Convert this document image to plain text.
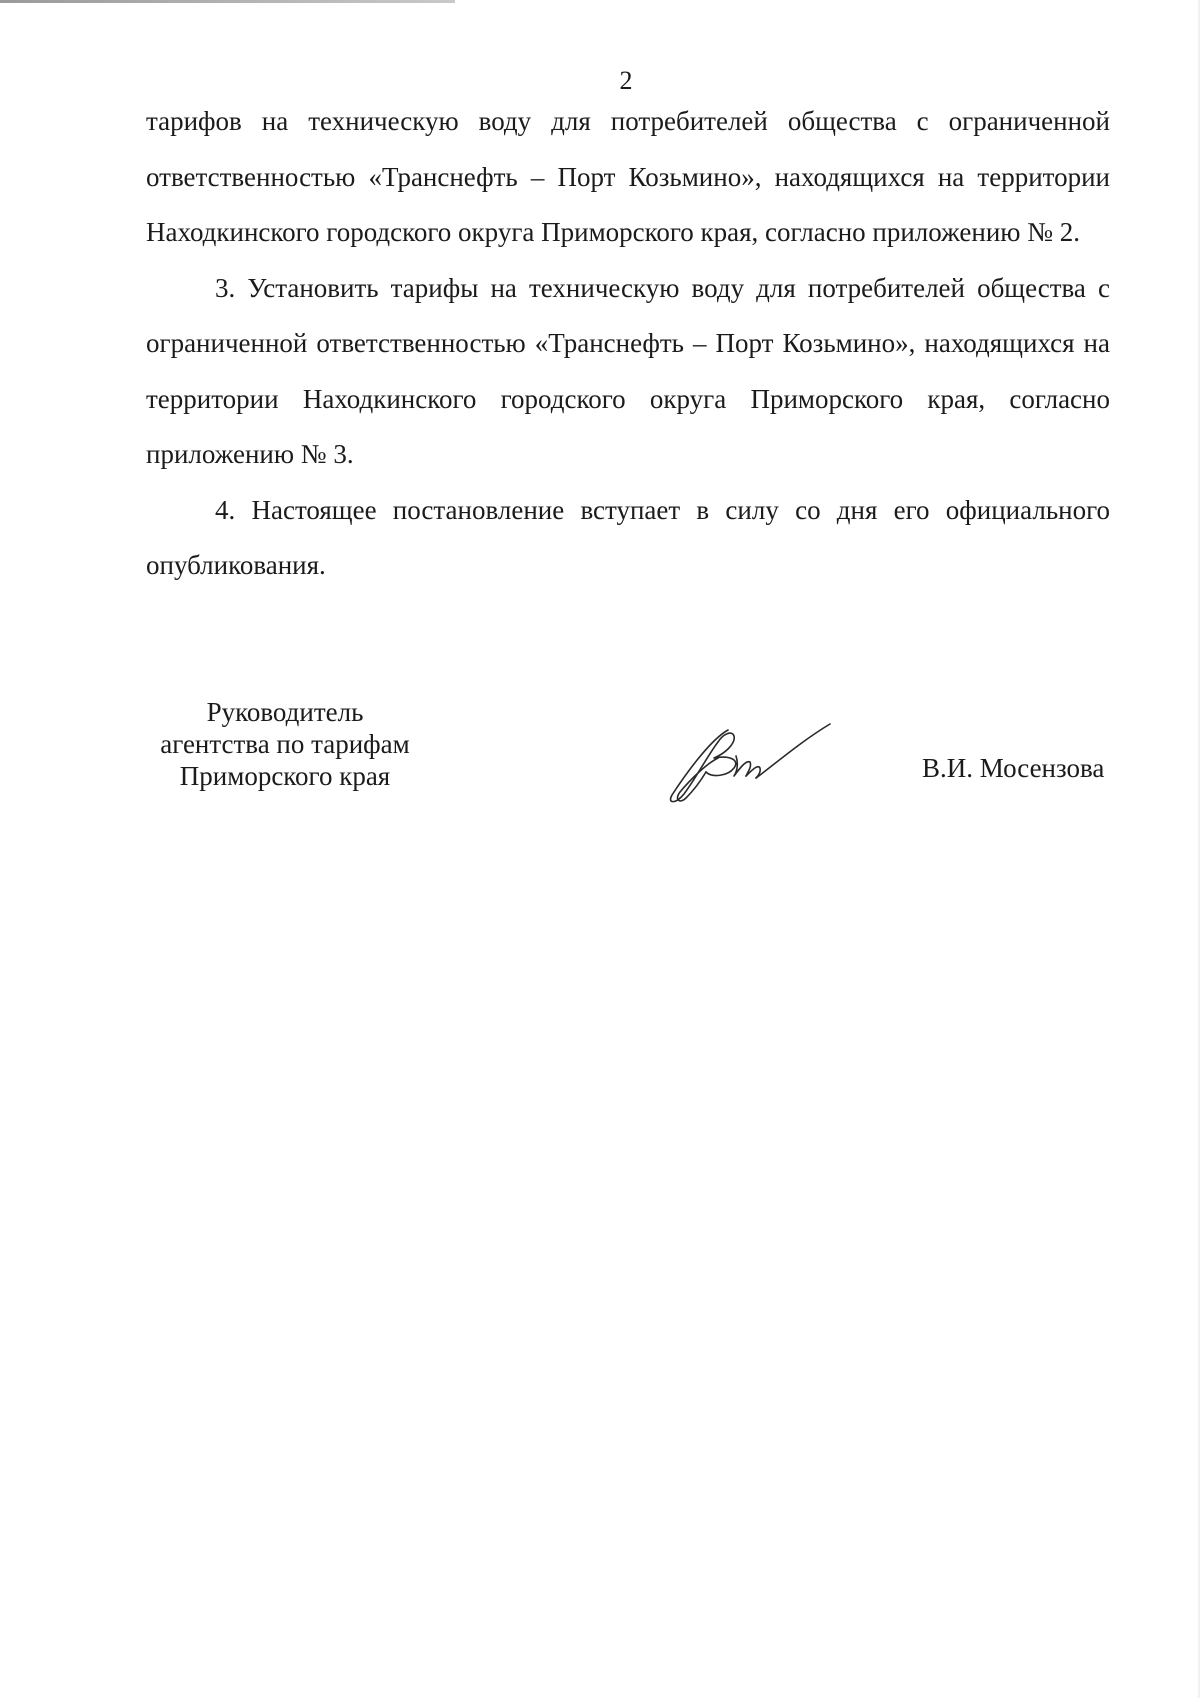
2

тарифов на техническую воду для потребителей общества с ограниченной ответственностью «Транснефть – Порт Козьмино», находящихся на территории Находкинского городского округа Приморского края, согласно приложению № 2.

3. Установить тарифы на техническую воду для потребителей общества с ограниченной ответственностью «Транснефть – Порт Козьмино», находящихся на территории Находкинского городского округа Приморского края, согласно приложению № 3.

4. Настоящее постановление вступает в силу со дня его официального опубликования.

Руководитель
агентства по тарифам
Приморского края	В.И. Мосензова
